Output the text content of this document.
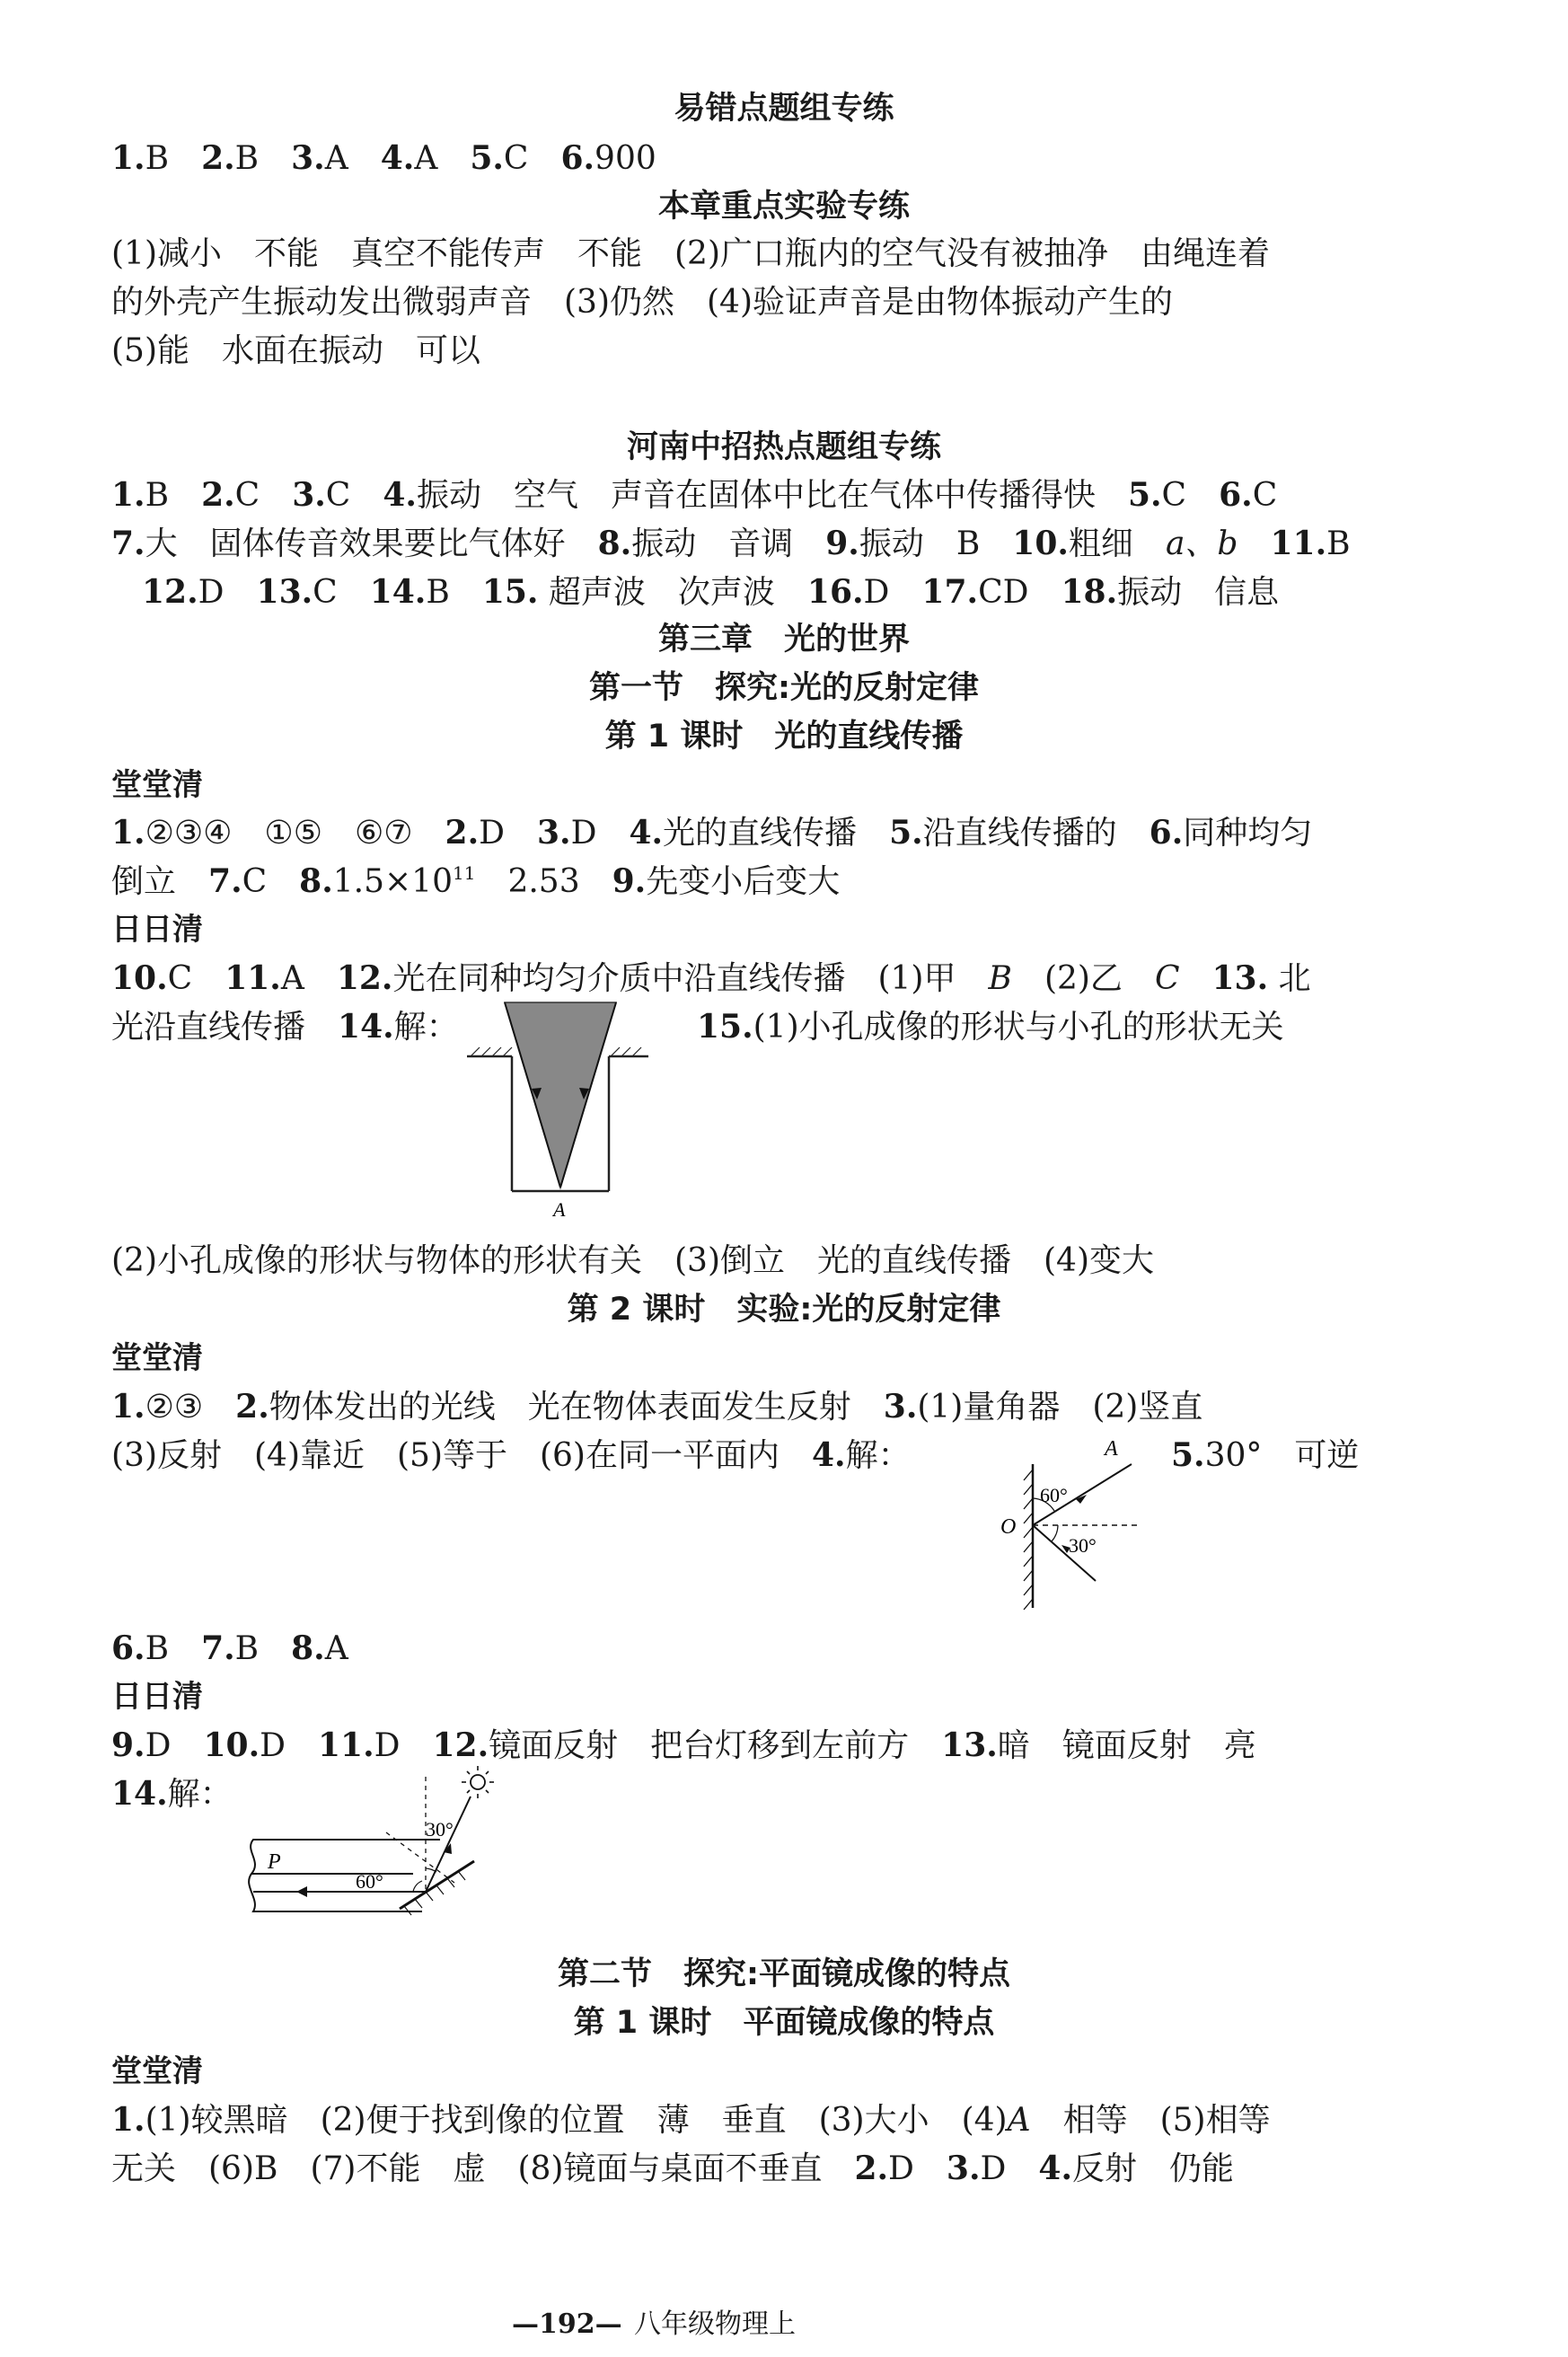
易错点题组专练
1.B　2.B　3.A　4.A　5.C　6.900
本章重点实验专练
(1)减小　不能　真空不能传声　不能　(2)广口瓶内的空气没有被抽净　由绳连着
的外壳产生振动发出微弱声音　(3)仍然　(4)验证声音是由物体振动产生的
(5)能　水面在振动　可以
河南中招热点题组专练
1.B　2.C　3.C　4.振动　空气　声音在固体中比在气体中传播得快　5.C　6.C
7.大　固体传音效果要比气体好　8.振动　音调　9.振动　B　10.粗细　a、b　 11.B
12.D　13.C　14.B　15. 超声波　次声波　16.D　17.CD　18.振动　信息
第三章　光的世界
第一节　探究:光的反射定律
第 1 课时　光的直线传播
堂堂清
1.②③④　①⑤　⑥⑦　2.D　3.D　4.光的直线传播　5.沿直线传播的　6.同种均匀
倒立　7.C　$8.1.5\times 10^{11}$　2.53　9.先变小后变大
日日清
10.C　11.A　12.光在同种均匀介质中沿直线传播　(1)甲　B　(2)乙　C　 13. 北
光沿直线传播　14.解：	15.(1)小孔成像的形状与小孔的形状无关
A
(2)小孔成像的形状与物体的形状有关　(3)倒立　光的直线传播　(4)变大
第 2 课时　实验:光的反射定律
堂堂清
1.②③　2.物体发出的光线　光在物体表面发生反射　3.(1)量角器　(2)竖直
(3)反射　(4)靠近　(5)等于　(6)在同一平面内　4.解：	5.30°　可逆
A
O
60°
30°
6.B　7.B　8.A
日日清
9.D　10.D　11.D　12.镜面反射　把台灯移到左前方　13.暗　镜面反射　亮
14.解：
P
60°
30°
第二节　探究:平面镜成像的特点
第 1 课时　平面镜成像的特点
堂堂清
1.(1)较黑暗　(2)便于找到像的位置　薄　垂直　(3)大小　(4)A　相等　(5)相等
无关　(6)B　(7)不能　虚　(8)镜面与桌面不垂直　2.D　3.D　4.反射　仍能
—192— 八年级物理上
